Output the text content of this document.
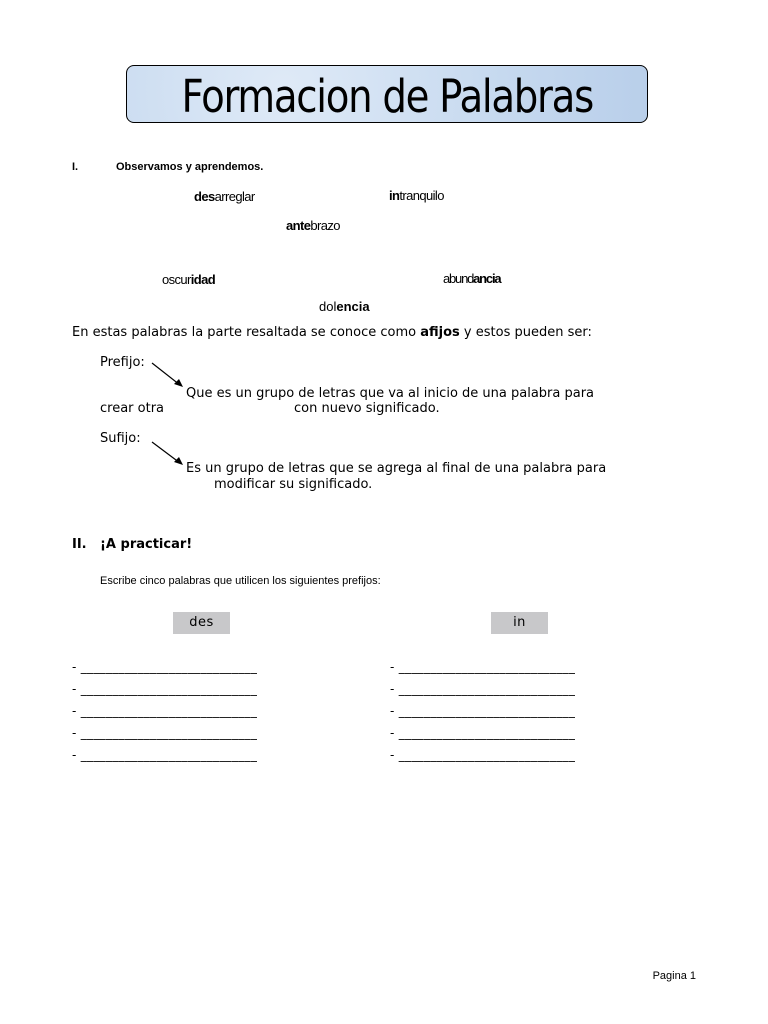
Formacion de Palabras
I.	Observamos y aprendemos.
desarreglar	intranquilo
antebrazo
oscuridad	abundancia
dolencia
En estas palabras la parte resaltada se conoce como afijos y estos pueden ser:
Prefijo:
Que es un grupo de letras que va al inicio de una palabra para
crear otra	con nuevo significado.
Sufijo:
Es un grupo de letras que se agrega al final de una palabra para
modificar su significado.
II. ¡A practicar!
Escribe cinco palabras que utilicen los siguientes prefijos:
des	in
- ____________________________
- ____________________________
- ____________________________
- ____________________________
- ____________________________
- ____________________________
- ____________________________
- ____________________________
- ____________________________
- ____________________________
Pagina 1
